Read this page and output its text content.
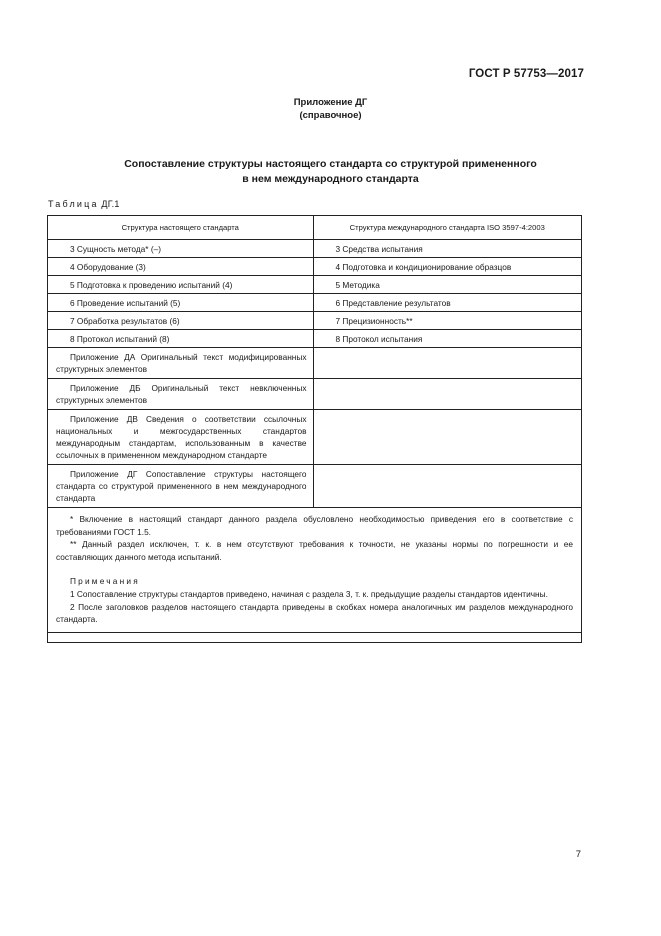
ГОСТ Р 57753—2017
Приложение ДГ
(справочное)
Сопоставление структуры настоящего стандарта со структурой примененного
в нем международного стандарта
Таблица ДГ.1
Структура настоящего стандарта	Структура международного стандарта ISO 3597-4:2003
3 Сущность метода* (–)	3 Средства испытания
4 Оборудование (3)	4 Подготовка и кондиционирование образцов
5 Подготовка к проведению испытаний (4)	5 Методика
6 Проведение испытаний (5)	6 Представление результатов
7 Обработка результатов (6)	7 Прецизионность**
8 Протокол испытаний (8)	8 Протокол испытания
Приложение ДА Оригинальный текст модифицированных структурных элементов	
Приложение ДБ Оригинальный текст невключенных структурных элементов	
Приложение ДВ Сведения о соответствии ссылочных национальных и межгосударственных стандартов международным стандартам, использованным в качестве ссылочных в примененном международном стандарте	
Приложение ДГ Сопоставление структуры настоящего стандарта со структурой примененного в нем международного стандарта	

* Включение в настоящий стандарт данного раздела обусловлено необходимостью приведения его в соответствие с требованиями ГОСТ 1.5.

** Данный раздел исключен, т. к. в нем отсутствуют требования к точности, не указаны нормы по погрешности и ее составляющих данного метода испытаний.

Примечания

1 Сопоставление структуры стандартов приведено, начиная с раздела 3, т. к. предыдущие разделы стандартов идентичны.

2 После заголовков разделов настоящего стандарта приведены в скобках номера аналогичных им разделов международного стандарта.	

7
